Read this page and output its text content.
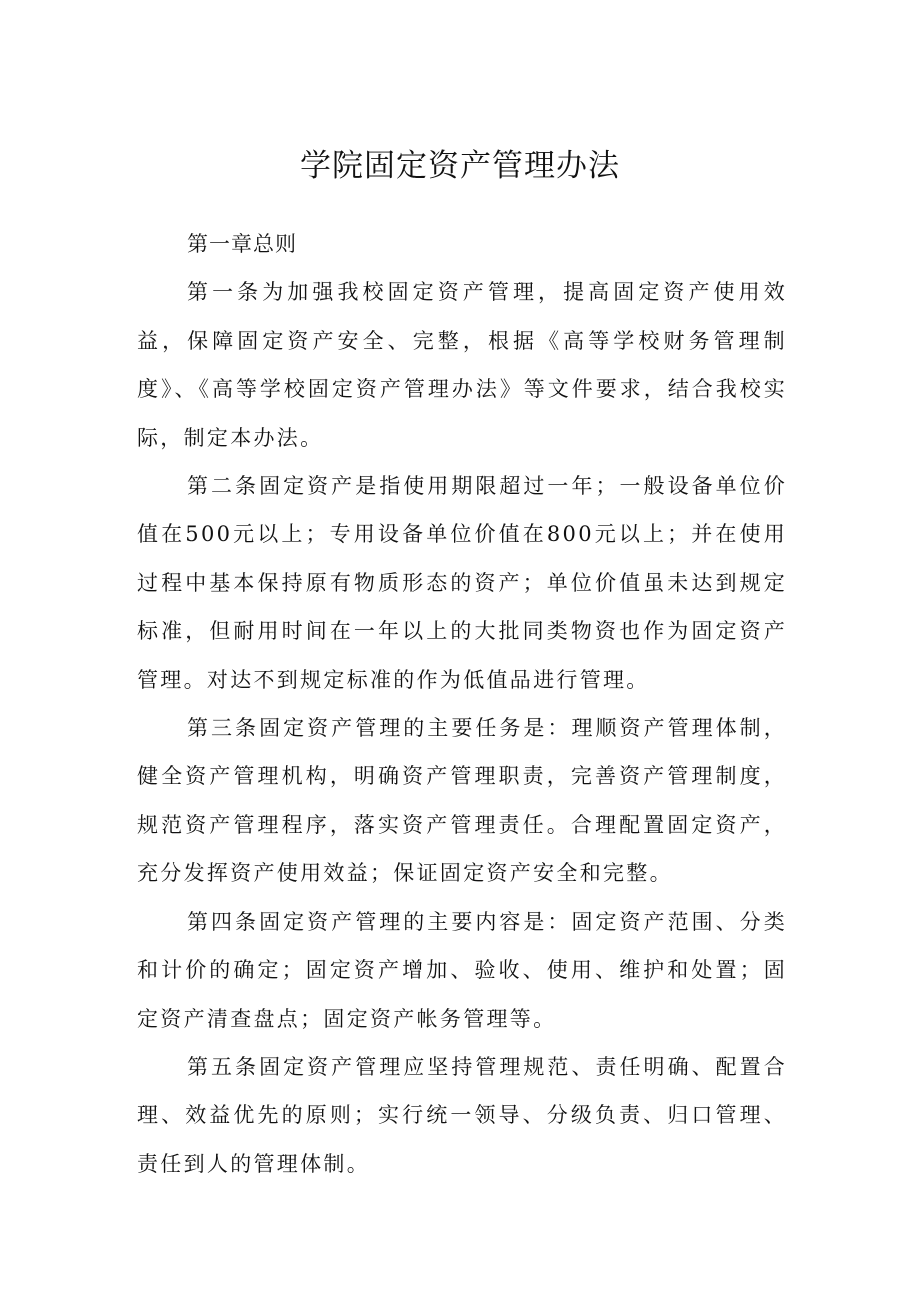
学院固定资产管理办法

第一章总则

第一条为加强我校固定资产管理，提高固定资产使用效益，保障固定资产安全、完整，根据《高等学校财务管理制度》、《高等学校固定资产管理办法》等文件要求，结合我校实际，制定本办法。

第二条固定资产是指使用期限超过一年；一般设备单位价值在500元以上；专用设备单位价值在800元以上；并在使用过程中基本保持原有物质形态的资产；单位价值虽未达到规定标准，但耐用时间在一年以上的大批同类物资也作为固定资产管理。对达不到规定标准的作为低值品进行管理。

第三条固定资产管理的主要任务是：理顺资产管理体制，健全资产管理机构，明确资产管理职责，完善资产管理制度，规范资产管理程序，落实资产管理责任。合理配置固定资产，充分发挥资产使用效益；保证固定资产安全和完整。

第四条固定资产管理的主要内容是：固定资产范围、分类和计价的确定；固定资产增加、验收、使用、维护和处置；固定资产清查盘点；固定资产帐务管理等。

第五条固定资产管理应坚持管理规范、责任明确、配置合理、效益优先的原则；实行统一领导、分级负责、归口管理、责任到人的管理体制。
